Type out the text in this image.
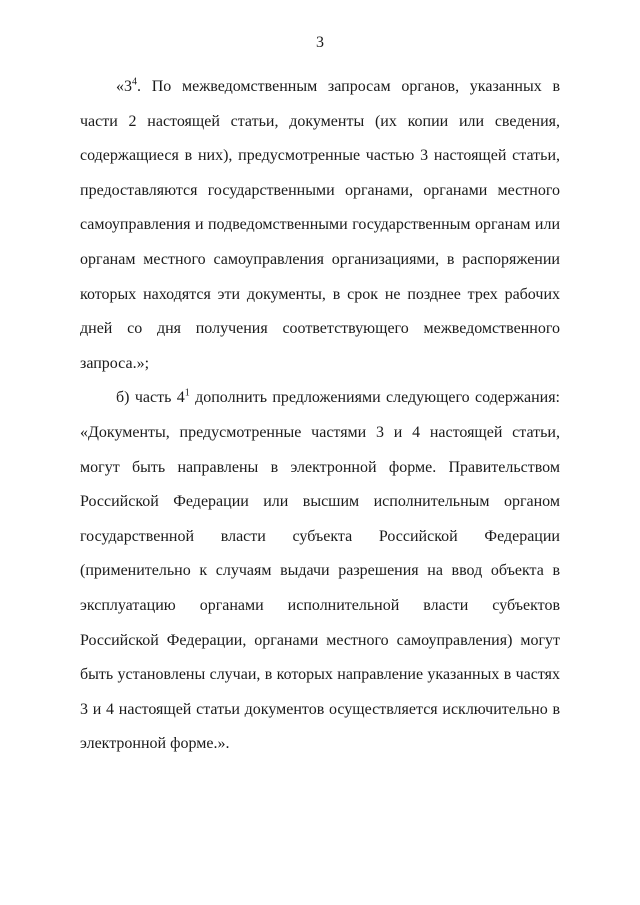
3

«$3^4$. По межведомственным запросам органов, указанных в части 2 настоящей статьи, документы (их копии или сведения, содержащиеся в них), предусмотренные частью 3 настоящей статьи, предоставляются государственными органами, органами местного самоуправления и подведомственными государственным органам или органам местного самоуправления организациями, в распоряжении которых находятся эти документы, в срок не позднее трех рабочих дней со дня получения соответствующего межведомственного запроса.»;

б) часть $4^1$ дополнить предложениями следующего содержания: «Документы, предусмотренные частями 3 и 4 настоящей статьи, могут быть направлены в электронной форме. Правительством Российской Федерации или высшим исполнительным органом государственной власти субъекта Российской Федерации (применительно к случаям выдачи разрешения на ввод объекта в эксплуатацию органами исполнительной власти субъектов Российской Федерации, органами местного самоуправления) могут быть установлены случаи, в которых направление указанных в частях 3 и 4 настоящей статьи документов осуществляется исключительно в электронной форме.».
